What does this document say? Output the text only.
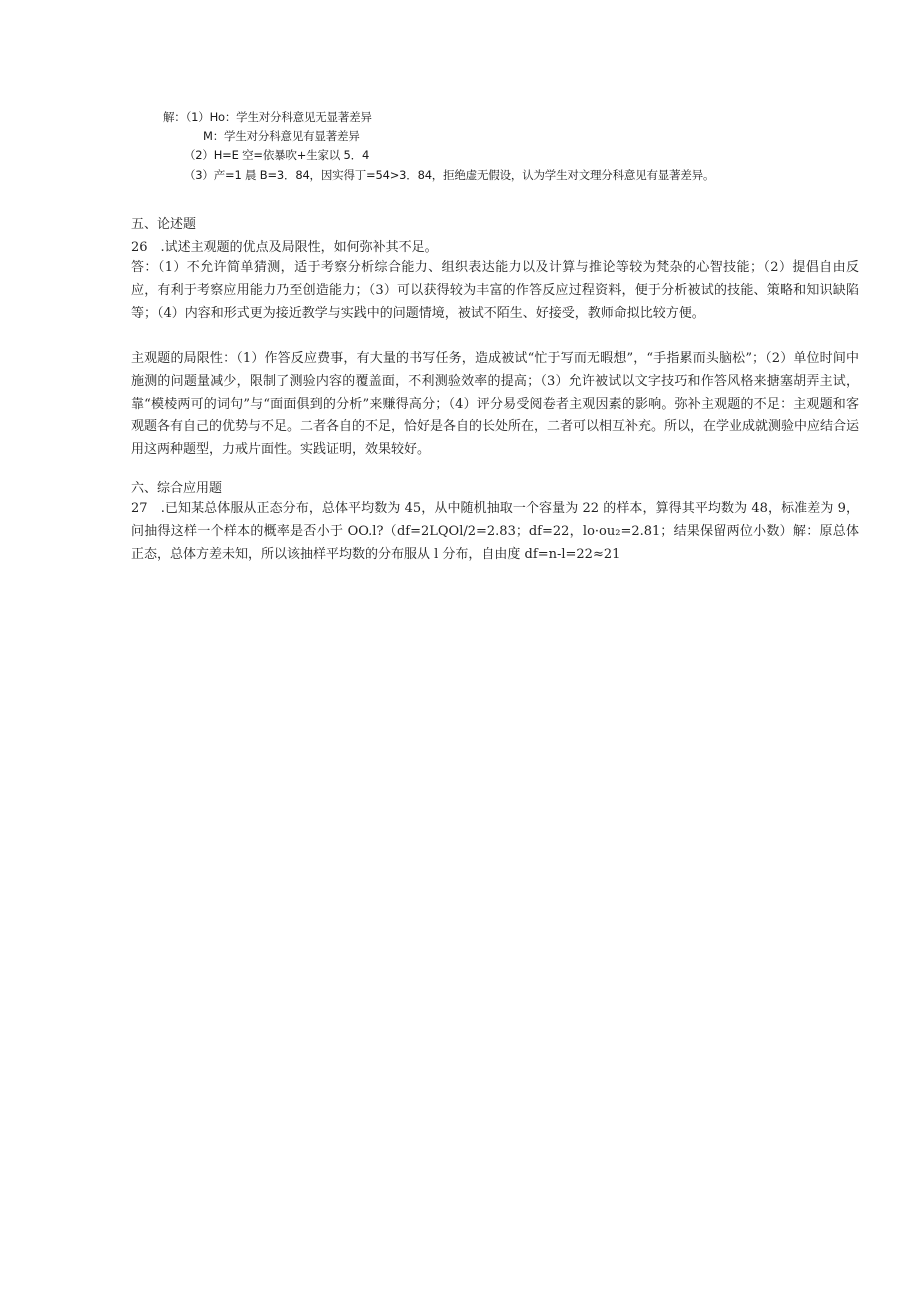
解：（1）Ho：学生对分科意见无显著差异
M：学生对分科意见有显著差异
（2）H=E 空=依暴吹+生家以 5．4
（3）产=1 晨 B=3．84，因实得丁=54>3．84，拒绝虚无假设，认为学生对文理分科意见有显著差异。
五、论述题
26　.试述主观题的优点及局限性，如何弥补其不足。
答：（1）不允许简单猜测，适于考察分析综合能力、组织表达能力以及计算与推论等较为梵杂的心智技能；（2）提倡自由反应，有利于考察应用能力乃至创造能力；（3）可以获得较为丰富的作答反应过程资料，便于分析被试的技能、策略和知识缺陷等；（4）内容和形式更为接近教学与实践中的问题情境，被试不陌生、好接受，教师命拟比较方便。
主观题的局限性：（1）作答反应费事，有大量的书写任务，造成被试“忙于写而无暇想”，“手指累而头脑松”；（2）单位时间中施测的问题量减少，限制了测验内容的覆盖面，不利测验效率的提高；（3）允许被试以文字技巧和作答风格来搪塞胡弄主试，靠“模棱两可的词句”与“面面俱到的分析”来赚得高分；（4）评分易受阅卷者主观因素的影响。弥补主观题的不足：主观题和客观题各有自己的优势与不足。二者各自的不足，恰好是各自的长处所在，二者可以相互补充。所以，在学业成就测验中应结合运用这两种题型，力戒片面性。实践证明，效果较好。
六、综合应用题
27　.已知某总体服从正态分布，总体平均数为 45，从中随机抽取一个容量为 22 的样本，算得其平均数为 48，标准差为 9，问抽得这样一个样本的概率是否小于 OO.l?（df=2LQOl/2=2.83；df=22，lo·ou₂=2.81；结果保留两位小数）解：原总体正态，总体方差未知，所以该抽样平均数的分布服从 l 分布，自由度 df=n-l=22≈21
